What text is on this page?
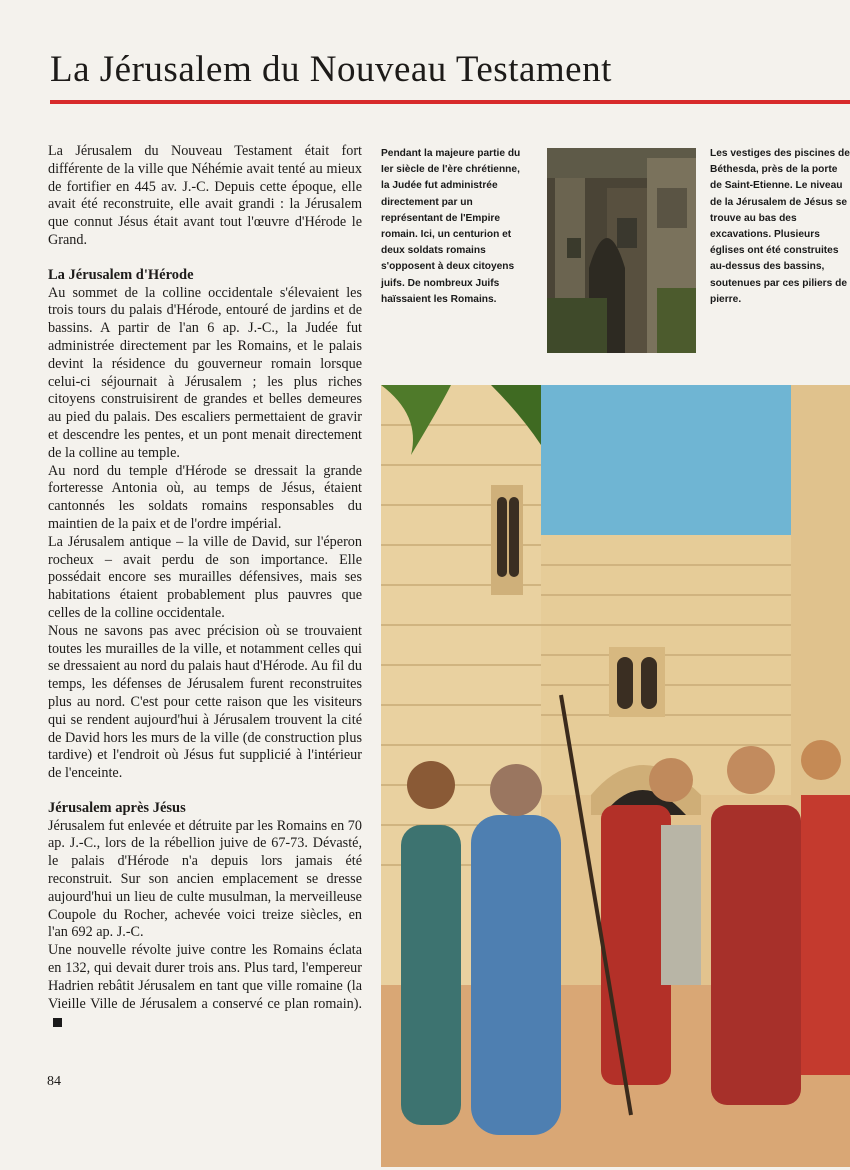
La Jérusalem du Nouveau Testament

La Jérusalem du Nouveau Testament était fort différente de la ville que Néhémie avait tenté au mieux de fortifier en 445 av. J.-C. Depuis cette époque, elle avait été reconstruite, elle avait grandi : la Jérusalem que connut Jésus était avant tout l'œuvre d'Hérode le Grand.

La Jérusalem d'Hérode

Au sommet de la colline occidentale s'élevaient les trois tours du palais d'Hérode, entouré de jardins et de bassins. A partir de l'an 6 ap. J.-C., la Judée fut administrée directement par les Romains, et le palais devint la résidence du gouverneur romain lorsque celui-ci séjournait à Jérusalem ; les plus riches citoyens construisirent de grandes et belles demeures au pied du palais. Des escaliers permettaient de gravir et descendre les pentes, et un pont menait directement de la colline au temple.

Au nord du temple d'Hérode se dressait la grande forteresse Antonia où, au temps de Jésus, étaient cantonnés les soldats romains responsables du maintien de la paix et de l'ordre impérial.

La Jérusalem antique – la ville de David, sur l'éperon rocheux – avait perdu de son importance. Elle possédait encore ses murailles défensives, mais ses habitations étaient probablement plus pauvres que celles de la colline occidentale.

Nous ne savons pas avec précision où se trouvaient toutes les murailles de la ville, et notamment celles qui se dressaient au nord du palais haut d'Hérode. Au fil du temps, les défenses de Jérusalem furent reconstruites plus au nord. C'est pour cette raison que les visiteurs qui se rendent aujourd'hui à Jérusalem trouvent la cité de David hors les murs de la ville (de construction plus tardive) et l'endroit où Jésus fut supplicié à l'intérieur de l'enceinte.

Jérusalem après Jésus

Jérusalem fut enlevée et détruite par les Romains en 70 ap. J.-C., lors de la rébellion juive de 67-73. Dévasté, le palais d'Hérode n'a depuis lors jamais été reconstruit. Sur son ancien emplacement se dresse aujourd'hui un lieu de culte musulman, la merveilleuse Coupole du Rocher, achevée voici treize siècles, en l'an 692 ap. J.-C.

Une nouvelle révolte juive contre les Romains éclata en 132, qui devait durer trois ans. Plus tard, l'empereur Hadrien rebâtit Jérusalem en tant que ville romaine (la Vieille Ville de Jérusalem a conservé ce plan romain).

Pendant la majeure partie du Ier siècle de l'ère chrétienne, la Judée fut administrée directement par un représentant de l'Empire romain. Ici, un centurion et deux soldats romains s'opposent à deux citoyens juifs. De nombreux Juifs haïssaient les Romains.
Les vestiges des piscines de Béthesda, près de la porte de Saint-Etienne. Le niveau de la Jérusalem de Jésus se trouve au bas des excavations. Plusieurs églises ont été construites au-dessus des bassins, soutenues par ces piliers de pierre.
84
